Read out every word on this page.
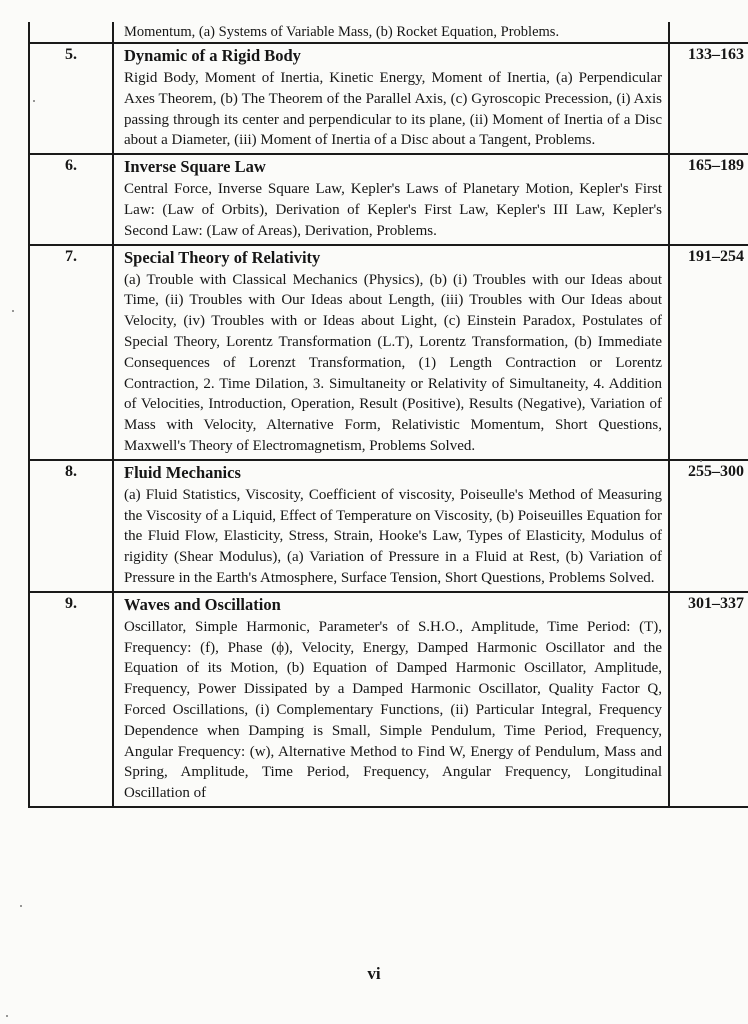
	Momentum, (a) Systems of Variable Mass, (b) Rocket Equation, Problems.	

5.	Dynamic of a Rigid Body
Rigid Body, Moment of Inertia, Kinetic Energy, Moment of Inertia, (a) Perpendicular Axes Theorem, (b) The Theorem of the Parallel Axis, (c) Gyroscopic Precession, (i) Axis passing through its center and perpendicular to its plane, (ii) Moment of Inertia of a Disc about a Diameter, (iii) Moment of Inertia of a Disc about a Tangent, Problems.	133–163
6.	Inverse Square Law
Central Force, Inverse Square Law, Kepler's Laws of Planetary Motion, Kepler's First Law: (Law of Orbits), Derivation of Kepler's First Law, Kepler's III Law, Kepler's Second Law: (Law of Areas), Derivation, Problems.	165–189
7.	Special Theory of Relativity
(a) Trouble with Classical Mechanics (Physics), (b) (i) Troubles with our Ideas about Time, (ii) Troubles with Our Ideas about Length, (iii) Troubles with Our Ideas about Velocity, (iv) Troubles with or Ideas about Light, (c) Einstein Paradox, Postulates of Special Theory, Lorentz Transformation (L.T), Lorentz Transformation, (b) Immediate Consequences of Lorenzt Transformation, (1) Length Contraction or Lorentz Contraction, 2. Time Dilation, 3. Simultaneity or Relativity of Simultaneity, 4. Addition of Velocities, Introduction, Operation, Result (Positive), Results (Negative), Variation of Mass with Velocity, Alternative Form, Relativistic Momentum, Short Questions, Maxwell's Theory of Electromagnetism, Problems Solved.	191–254
8.	Fluid Mechanics
(a) Fluid Statistics, Viscosity, Coefficient of viscosity, Poiseulle's Method of Measuring the Viscosity of a Liquid, Effect of Temperature on Viscosity, (b) Poiseuilles Equation for the Fluid Flow, Elasticity, Stress, Strain, Hooke's Law, Types of Elasticity, Modulus of rigidity (Shear Modulus), (a) Variation of Pressure in a Fluid at Rest, (b) Variation of Pressure in the Earth's Atmosphere, Surface Tension, Short Questions, Problems Solved.	255–300
9.	Waves and Oscillation
Oscillator, Simple Harmonic, Parameter's of S.H.O., Amplitude, Time Period: (T), Frequency: (f), Phase (ϕ), Velocity, Energy, Damped Harmonic Oscillator and the Equation of its Motion, (b) Equation of Damped Harmonic Oscillator, Amplitude, Frequency, Power Dissipated by a Damped Harmonic Oscillator, Quality Factor Q, Forced Oscillations, (i) Complementary Functions, (ii) Particular Integral, Frequency Dependence when Damping is Small, Simple Pendulum, Time Period, Frequency, Angular Frequency: (w), Alternative Method to Find W, Energy of Pendulum, Mass and Spring, Amplitude, Time Period, Frequency, Angular Frequency, Longitudinal Oscillation of	301–337
vi
